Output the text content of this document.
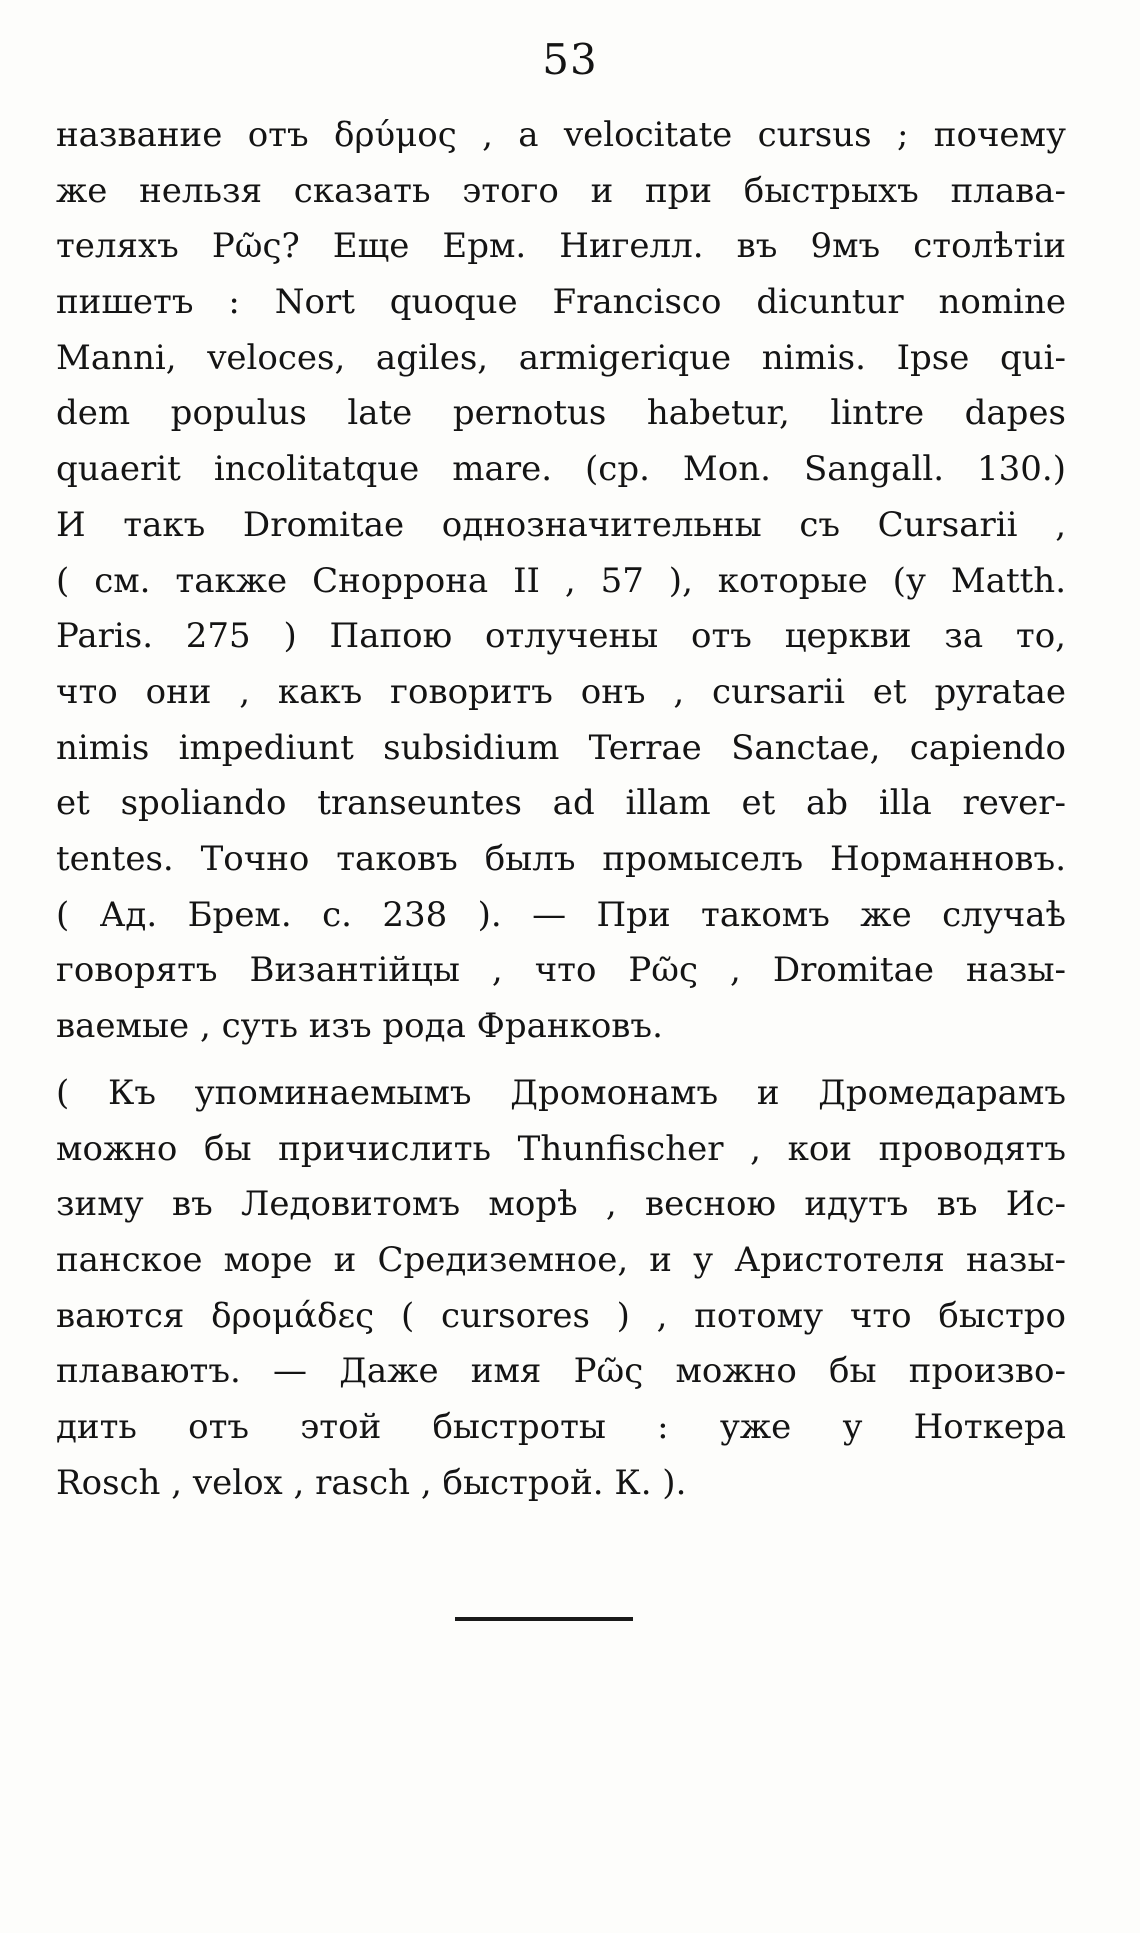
53
название отъ δρύμος , а velocitate cursus ; почему
же нельзя сказать этого и при быстрыхъ плава-
теляхъ Ρῶς? Еще Ерм. Нигелл. въ 9мъ столѣтіи
пишетъ : Nort quoque Francisco dicuntur nomine
Manni, veloces, agiles, armigerique nimis. Ipse qui-
dem populus late pernotus habetur, lintre dapes
quaerit incolitatque mare. (ср. Mon. Sangall. 130.)
И такъ Dromitae однозначительны съ Cursarii ,
( см. также Сноррона II , 57 ), которые (у Matth.
Paris. 275 ) Папою отлучены отъ церкви за то,
что они , какъ говоритъ онъ , cursarii et pyratae
nimis impediunt subsidium Terrae Sanctae, capiendo
et spoliando transeuntes ad illam et ab illa rever-
tentes. Точно таковъ былъ промыселъ Норманновъ.
( Ад. Брем. с. 238 ). — При такомъ же случаѣ
говорятъ Византійцы , что Ρῶς , Dromitae назы-
ваемые , суть изъ рода Франковъ.
( Къ упоминаемымъ Дромонамъ и Дромедарамъ
можно бы причислить Thunfischer , кои проводятъ
зиму въ Ледовитомъ морѣ , весною идутъ въ Ис-
панское море и Средиземное, и у Аристотеля назы-
ваются δρομάδες ( cursores ) , потому что быстро
плаваютъ. — Даже имя Ρῶς можно бы произво-
дить отъ этой быстроты : уже у Ноткера
Rosch , velox , rasch , быстрой. К. ).
